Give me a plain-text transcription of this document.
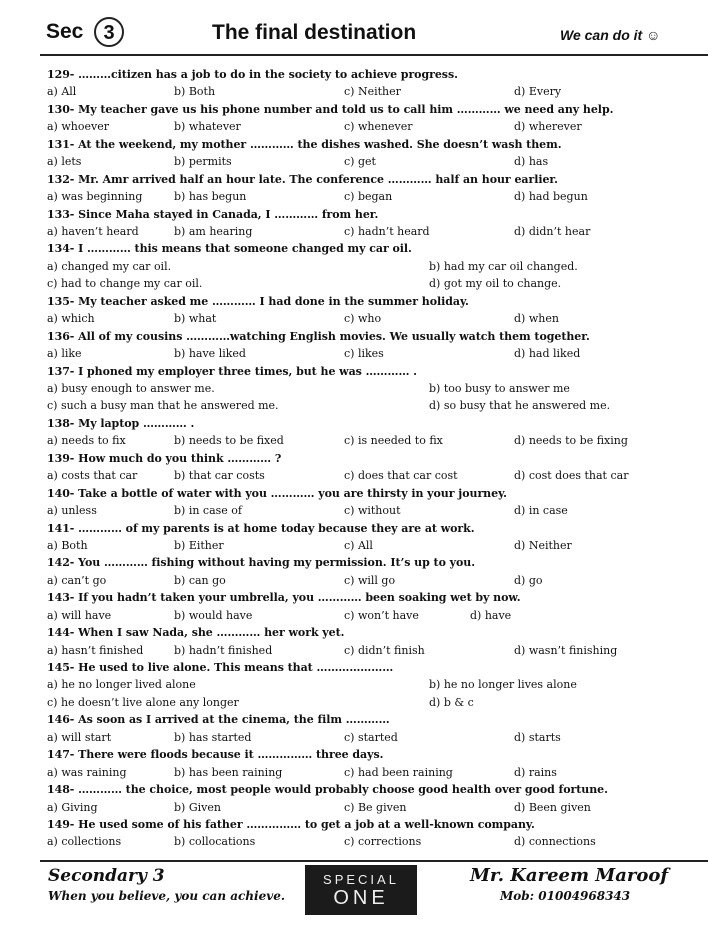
Sec	3	The final destination	We can do it ☺
129- ………citizen has a job to do in the society to achieve progress.
a) All	b) Both	c) Neither	d) Every
130- My teacher gave us his phone number and told us to call him ………… we need any help.
a) whoever	b) whatever	c) whenever	d) wherever
131- At the weekend, my mother ………… the dishes washed. She doesn’t wash them.
a) lets	b) permits	c) get	d) has
132- Mr. Amr arrived half an hour late. The conference ………… half an hour earlier.
a) was beginning	b) has begun	c) began	d) had begun
133- Since Maha stayed in Canada, I ………… from her.
a) haven’t heard	b) am hearing	c) hadn’t heard	d) didn’t hear
134- I ………… this means that someone changed my car oil.
a) changed my car oil.	b) had my car oil changed.
c) had to change my car oil.	d) got my oil to change.
135- My teacher asked me ………… I had done in the summer holiday.
a) which	b) what	c) who	d) when
136- All of my cousins …………watching English movies. We usually watch them together.
a) like	b) have liked	c) likes	d) had liked
137- I phoned my employer three times, but he was ………… .
a) busy enough to answer me.	b) too busy to answer me
c) such a busy man that he answered me.	d) so busy that he answered me.
138- My laptop ………… .
a) needs to fix	b) needs to be fixed	c) is needed to fix	d) needs to be fixing
139- How much do you think ………… ?
a) costs that car	b) that car costs	c) does that car cost	d) cost does that car
140- Take a bottle of water with you ………… you are thirsty in your journey.
a) unless	b) in case of	c) without	d) in case
141- ………… of my parents is at home today because they are at work.
a) Both	b) Either	c) All	d) Neither
142- You ………… fishing without having my permission. It’s up to you.
a) can’t go	b) can go	c) will go	d) go
143- If you hadn’t taken your umbrella, you ………… been soaking wet by now.
a) will have	b) would have	c) won’t have	d) have
144- When I saw Nada, she ………… her work yet.
a) hasn’t finished	b) hadn’t finished	c) didn’t finish	d) wasn’t finishing
145- He used to live alone. This means that …………………
a) he no longer lived alone	b) he no longer lives alone
c) he doesn’t live alone any longer	d) b & c
146- As soon as I arrived at the cinema, the film …………
a) will start	b) has started	c) started	d) starts
147- There were floods because it …………… three days.
a) was raining	b) has been raining	c) had been raining	d) rains
148- ………… the choice, most people would probably choose good health over good fortune.
a) Giving	b) Given	c) Be given	d) Been given
149- He used some of his father …………… to get a job at a well-known company.
a) collections	b) collocations	c) corrections	d) connections
Secondary 3
When you believe, you can achieve.
SPECIAL
ONE
Mr. Kareem Maroof
Mob: 01004968343
